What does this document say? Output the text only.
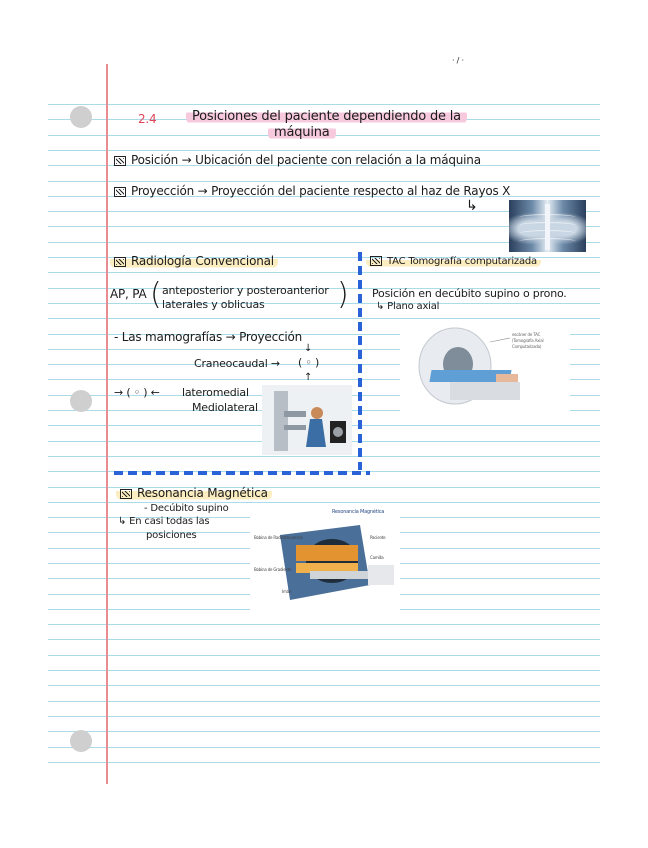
· / ·
2.4	Posiciones del paciente dependiendo de la
máquina
Posición → Ubicación del paciente con relación a la máquina
Proyección → Proyección del paciente respecto al haz de Rayos X
↳
Radiología Convencional
AP, PA ( anteposterior y posteroanterior
laterales y oblicuas )
- Las mamografías → Proyección
↓
Craneocaudal → ( ◦ )
↑
→ ( ◦ ) ← lateromedial
Mediolateral
TAC Tomografía computarizada
Posición en decúbito supino o prono.
↳ Plano axial
escáner de TAC
(Tomografía Axial
Computarizada)
Resonancia Magnética
- Decúbito supino
↳ En casi todas las
posiciones
Resonancia Magnética
Bobina de Radiofrecuencia
Bobina de Gradiente
Imán
Paciente
Camilla
